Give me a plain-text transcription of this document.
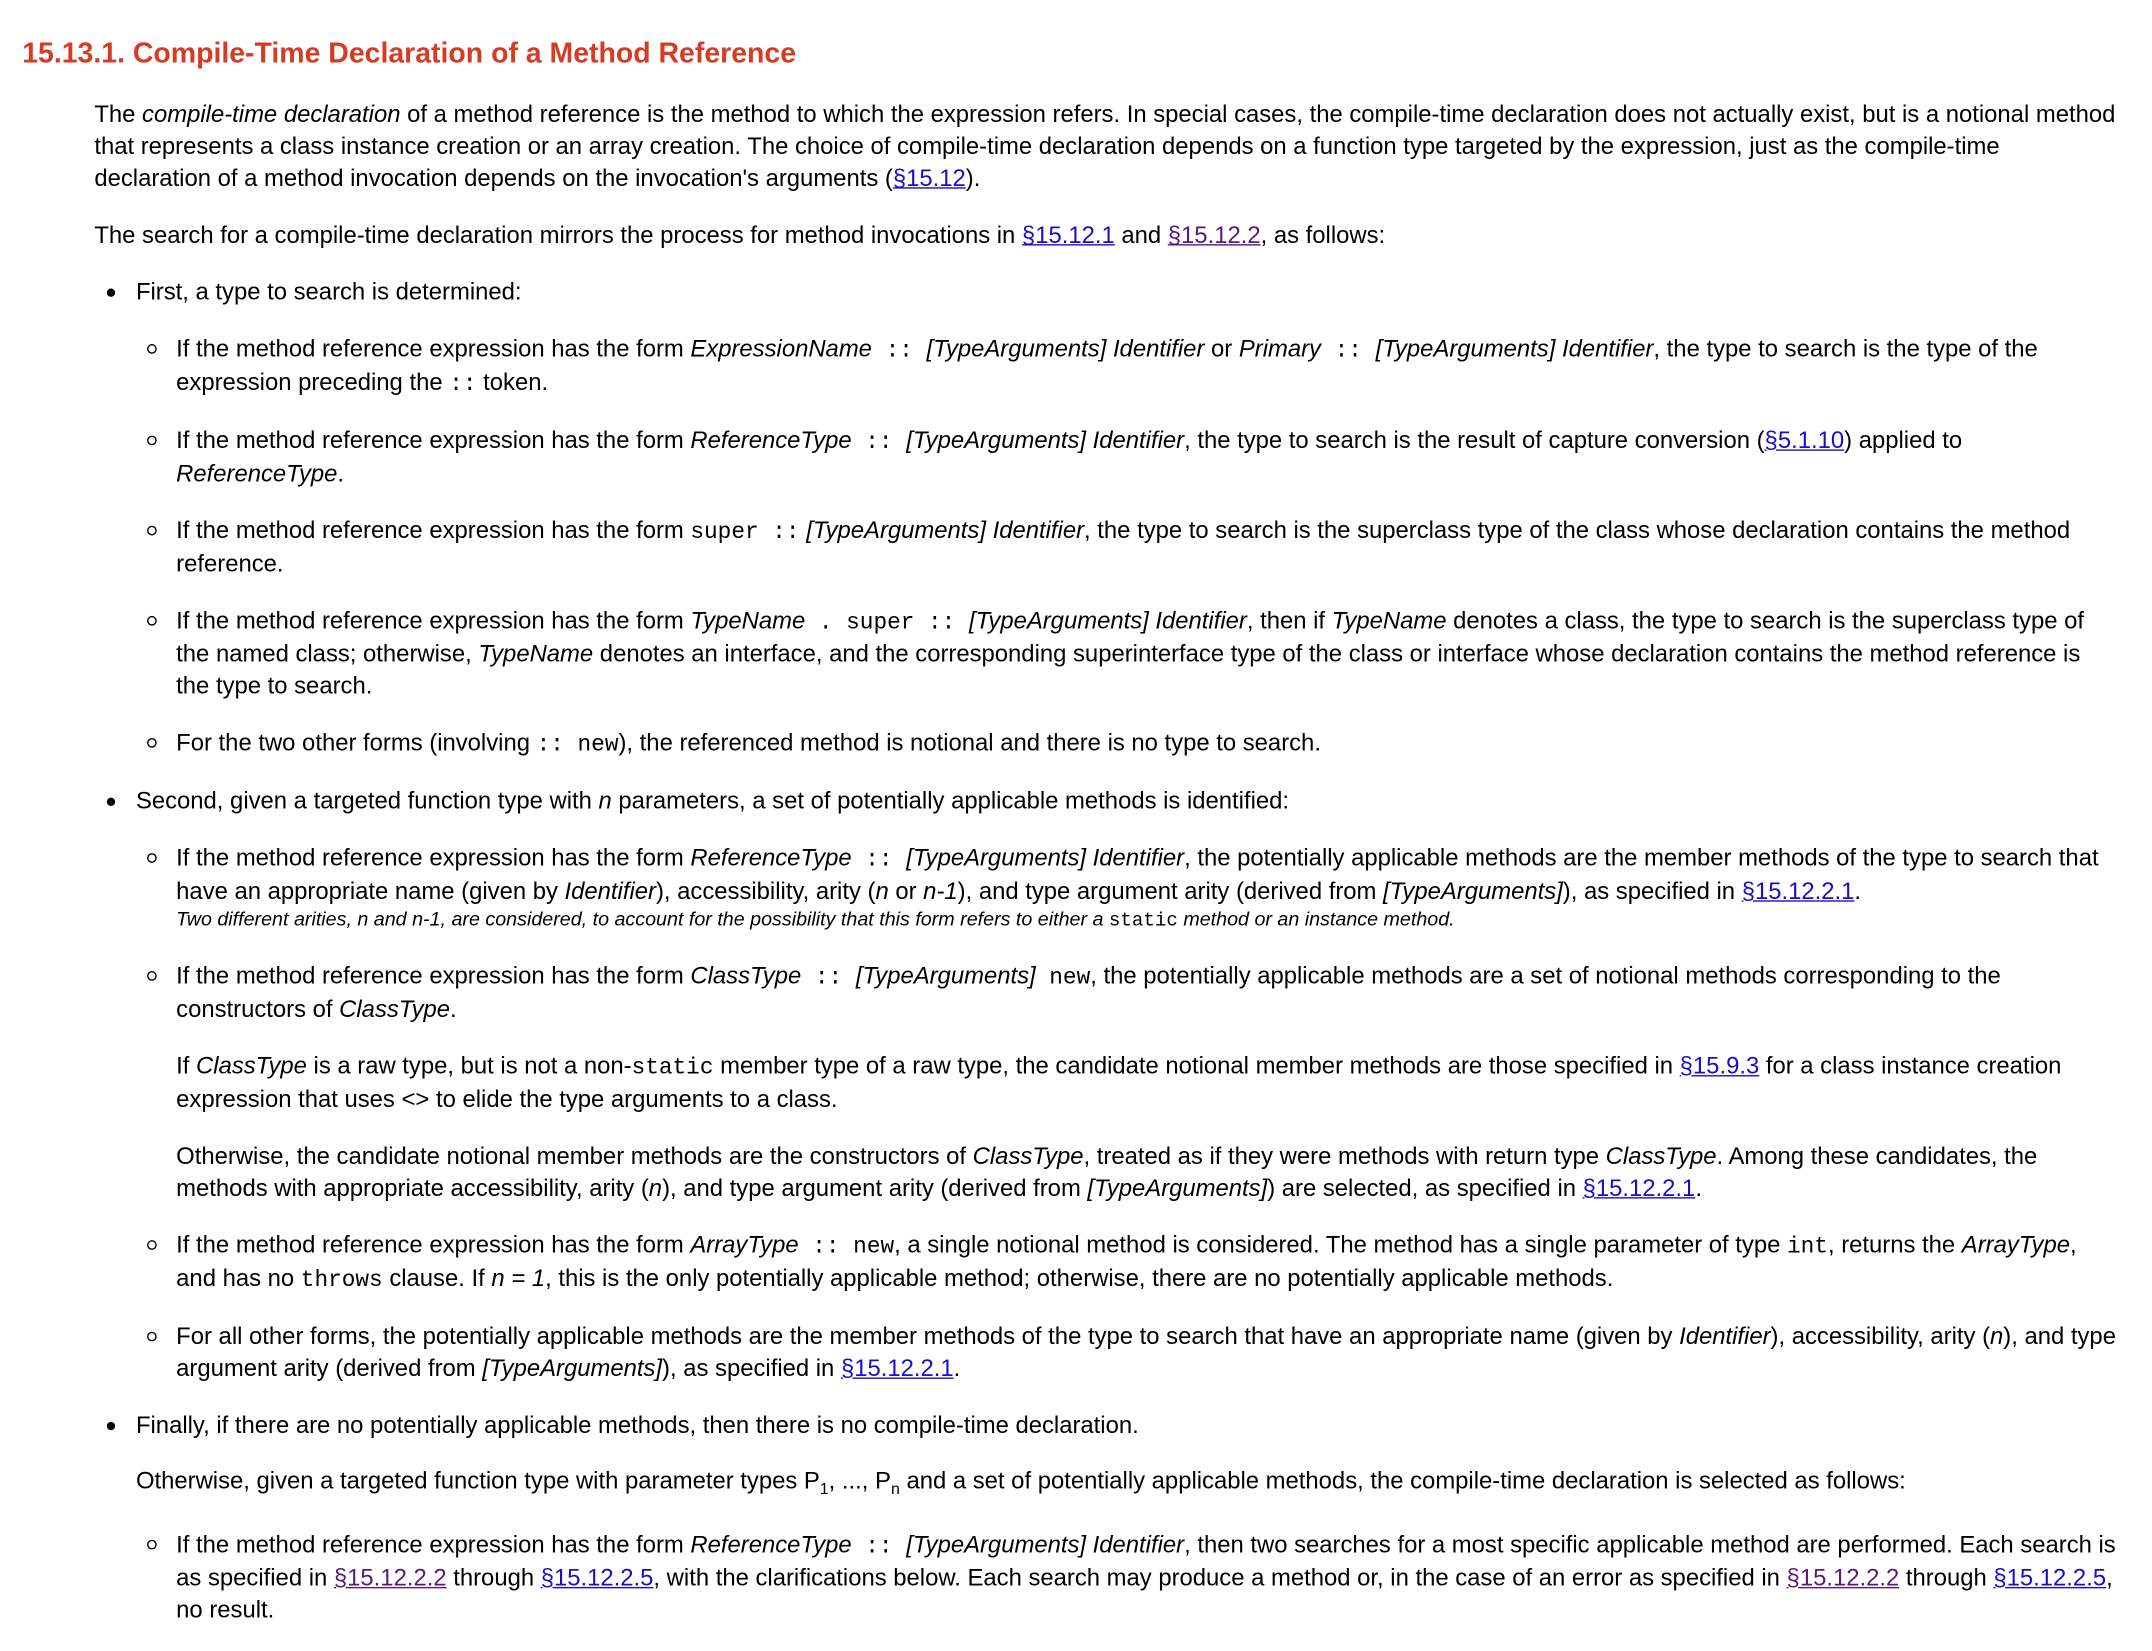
15.13.1. Compile-Time Declaration of a Method Reference

The compile-time declaration of a method reference is the method to which the expression refers. In special cases, the compile-time declaration does not actually exist, but is a notional method that represents a class instance creation or an array creation. The choice of compile-time declaration depends on a function type targeted by the expression, just as the compile-time declaration of a method invocation depends on the invocation's arguments (§15.12).

The search for a compile-time declaration mirrors the process for method invocations in §15.12.1 and §15.12.2, as follows:

First, a type to search is determined:
If the method reference expression has the form ExpressionName :: [TypeArguments] Identifier or Primary :: [TypeArguments] Identifier, the type to search is the type of the expression preceding the :: token.
If the method reference expression has the form ReferenceType :: [TypeArguments] Identifier, the type to search is the result of capture conversion (§5.1.10) applied to ReferenceType.
If the method reference expression has the form super :: [TypeArguments] Identifier, the type to search is the superclass type of the class whose declaration contains the method reference.
If the method reference expression has the form TypeName . super :: [TypeArguments] Identifier, then if TypeName denotes a class, the type to search is the superclass type of the named class; otherwise, TypeName denotes an interface, and the corresponding superinterface type of the class or interface whose declaration contains the method reference is the type to search.
For the two other forms (involving :: new), the referenced method is notional and there is no type to search.
Second, given a targeted function type with n parameters, a set of potentially applicable methods is identified:

If the method reference expression has the form ReferenceType :: [TypeArguments] Identifier, the potentially applicable methods are the member methods of the type to search that have an appropriate name (given by Identifier), accessibility, arity (n or n-1), and type argument arity (derived from [TypeArguments]), as specified in §15.12.2.1.

Two different arities, n and n-1, are considered, to account for the possibility that this form refers to either a static method or an instance method.

If the method reference expression has the form ClassType :: [TypeArguments] new, the potentially applicable methods are a set of notional methods corresponding to the constructors of ClassType.

If ClassType is a raw type, but is not a non-static member type of a raw type, the candidate notional member methods are those specified in §15.9.3 for a class instance creation expression that uses <> to elide the type arguments to a class.

Otherwise, the candidate notional member methods are the constructors of ClassType, treated as if they were methods with return type ClassType. Among these candidates, the methods with appropriate accessibility, arity (n), and type argument arity (derived from [TypeArguments]) are selected, as specified in §15.12.2.1.

If the method reference expression has the form ArrayType :: new, a single notional method is considered. The method has a single parameter of type int, returns the ArrayType, and has no throws clause. If n = 1, this is the only potentially applicable method; otherwise, there are no potentially applicable methods.
For all other forms, the potentially applicable methods are the member methods of the type to search that have an appropriate name (given by Identifier), accessibility, arity (n), and type argument arity (derived from [TypeArguments]), as specified in §15.12.2.1.

Finally, if there are no potentially applicable methods, then there is no compile-time declaration.

Otherwise, given a targeted function type with parameter types $P_1$, ..., $P_n$ and a set of potentially applicable methods, the compile-time declaration is selected as follows:

If the method reference expression has the form ReferenceType :: [TypeArguments] Identifier, then two searches for a most specific applicable method are performed. Each search is as specified in §15.12.2.2 through §15.12.2.5, with the clarifications below. Each search may produce a method or, in the case of an error as specified in §15.12.2.2 through §15.12.2.5, no result.
